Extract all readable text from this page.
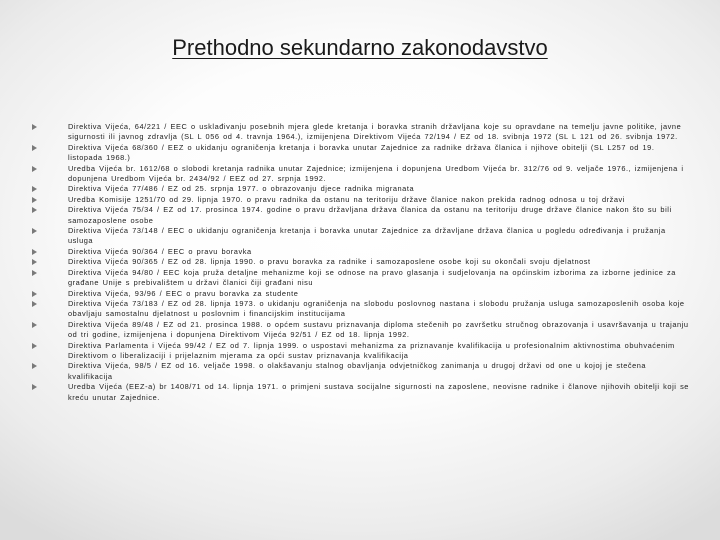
Prethodno sekundarno zakonodavstvo
Direktiva Vijeća, 64/221 / EEC o usklađivanju posebnih mjera glede kretanja i boravka stranih državljana koje su opravdane na temelju javne politike, javne sigurnosti ili javnog zdravlja (SL L 056 od 4. travnja 1964.), izmijenjena Direktivom Vijeća 72/194 / EZ od 18. svibnja 1972 (SL L 121 od 26. svibnja 1972.
Direktiva Vijeća 68/360 / EEZ o ukidanju ograničenja kretanja i boravka unutar Zajednice za radnike država članica i njihove obitelji (SL L257 od 19. listopada 1968.)
Uredba Vijeća br. 1612/68 o slobodi kretanja radnika unutar Zajednice; izmijenjena i dopunjena Uredbom Vijeća br. 312/76 od 9. veljače 1976., izmijenjena i dopunjena Uredbom Vijeća br. 2434/92 / EEZ od 27. srpnja 1992.
Direktiva Vijeća 77/486 / EZ od 25. srpnja 1977. o obrazovanju djece radnika migranata
Uredba Komisije 1251/70 od 29. lipnja 1970. o pravu radnika da ostanu na teritoriju države članice nakon prekida radnog odnosa u toj državi
Direktiva Vijeća 75/34 / EZ od 17. prosinca 1974. godine o pravu državljana država članica da ostanu na teritoriju druge države članice nakon što su bili samozaposlene osobe
Direktiva Vijeća 73/148 / EEC o ukidanju ograničenja kretanja i boravka unutar Zajednice za državljane država članica u pogledu određivanja i pružanja usluga
Direktiva Vijeća 90/364 / EEC o pravu boravka
Direktiva Vijeća 90/365 / EZ od 28. lipnja 1990. o pravu boravka za radnike i samozaposlene osobe koji su okončali svoju djelatnost
Direktiva Vijeća 94/80 / EEC koja pruža detaljne mehanizme koji se odnose na pravo glasanja i sudjelovanja na općinskim izborima za izborne jedinice za građane Unije s prebivalištem u državi članici čiji građani nisu
Direktiva Vijeća, 93/96 / EEC o pravu boravka za studente
Direktiva Vijeća 73/183 / EZ od 28. lipnja 1973. o ukidanju ograničenja na slobodu poslovnog nastana i slobodu pružanja usluga samozaposlenih osoba koje obavljaju samostalnu djelatnost u poslovnim i financijskim institucijama
Direktiva Vijeća 89/48 / EZ od 21. prosinca 1988. o općem sustavu priznavanja diploma stečenih po završetku stručnog obrazovanja i usavršavanja u trajanju od tri godine, izmijenjena i dopunjena Direktivom Vijeća 92/51 / EZ od 18. lipnja 1992.
Direktiva Parlamenta i Vijeća 99/42 / EZ od 7. lipnja 1999. o uspostavi mehanizma za priznavanje kvalifikacija u profesionalnim aktivnostima obuhvaćenim Direktivom o liberalizaciji i prijelaznim mjerama za opći sustav priznavanja kvalifikacija
Direktiva Vijeća, 98/5 / EZ od 16. veljače 1998. o olakšavanju stalnog obavljanja odvjetničkog zanimanja u drugoj državi od one u kojoj je stečena kvalifikacija
Uredba Vijeća (EEZ-a) br 1408/71 od 14. lipnja 1971. o primjeni sustava socijalne sigurnosti na zaposlene, neovisne radnike i članove njihovih obitelji koji se kreću unutar Zajednice.
